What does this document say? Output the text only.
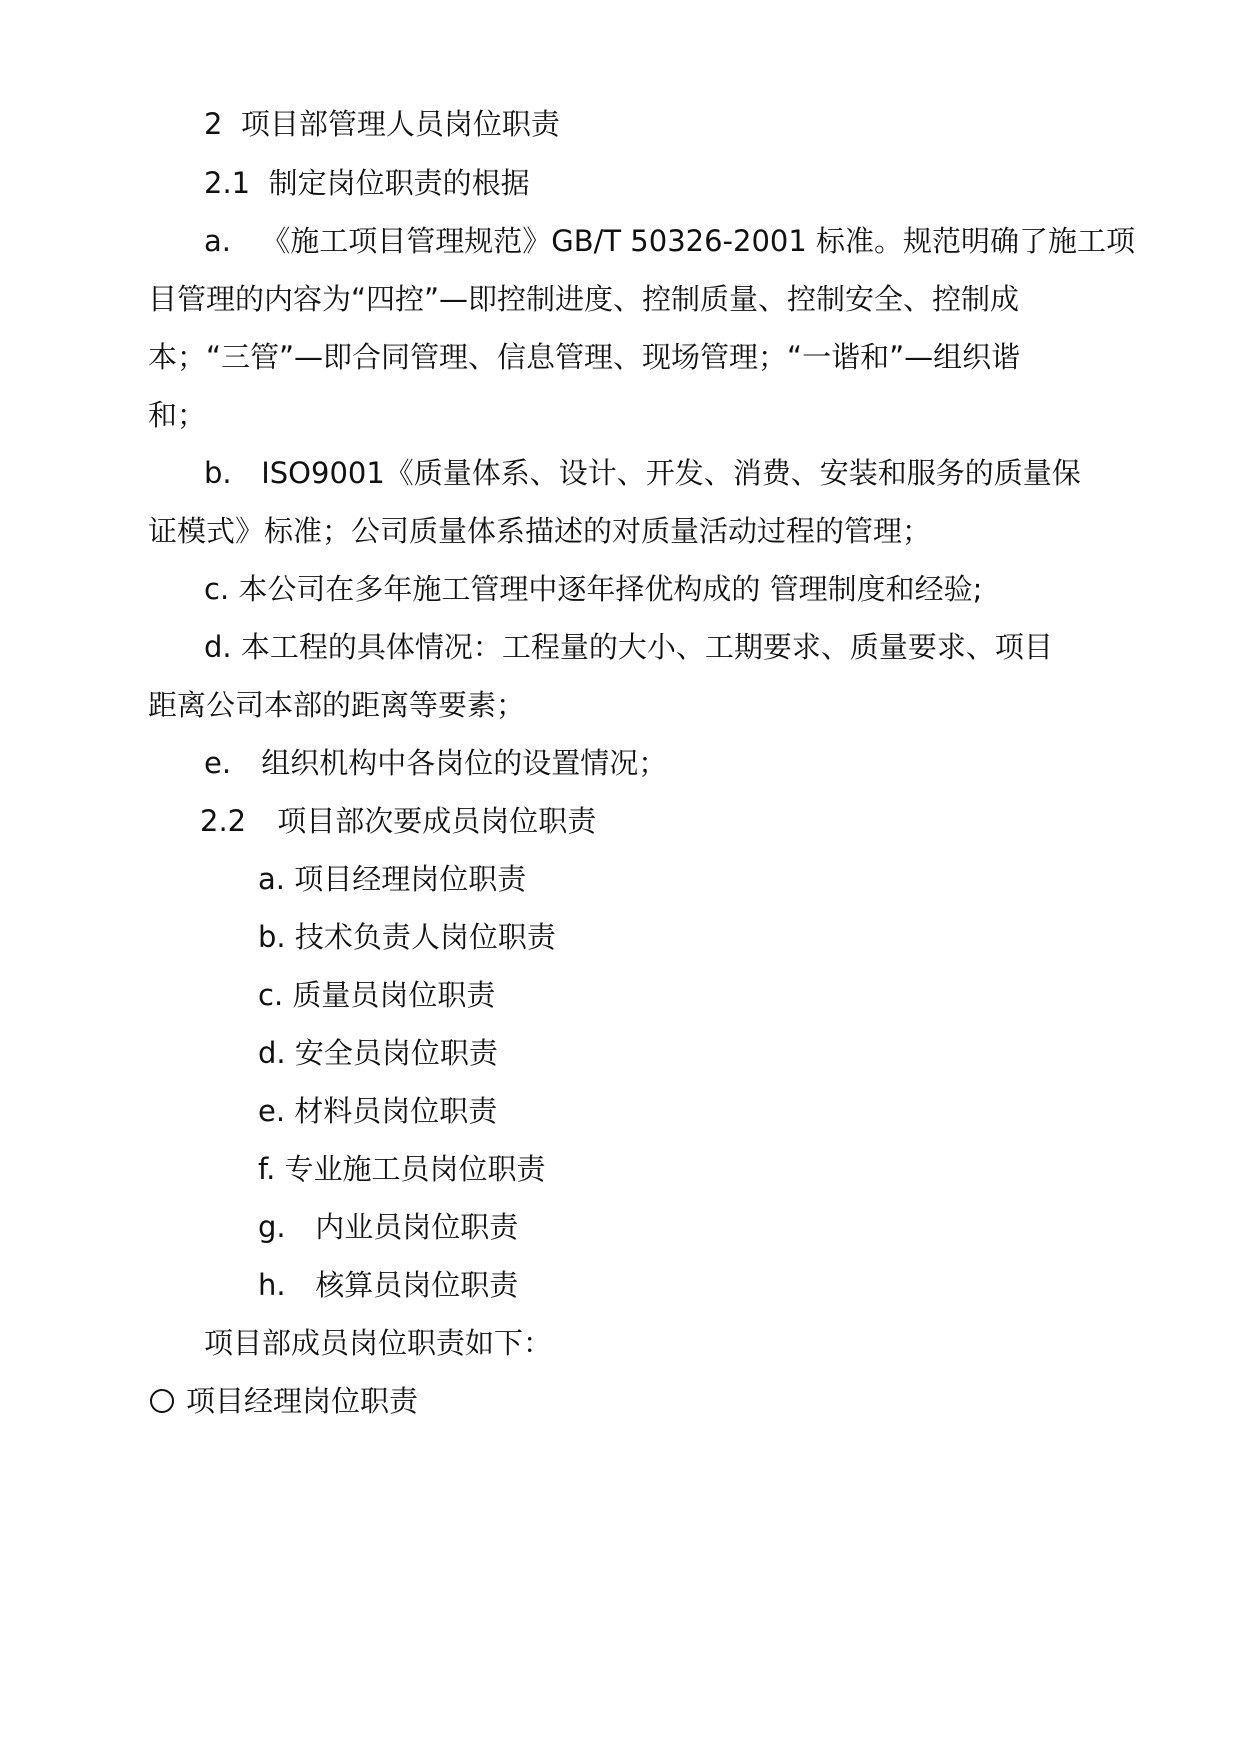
2 项目部管理人员岗位职责
2.1 制定岗位职责的根据
a. 《施工项目管理规范》GB/T 50326-2001 标准。规范明确了施工项
目管理的内容为“四控”—即控制进度、控制质量、控制安全、控制成
本；“三管”—即合同管理、信息管理、现场管理；“一谐和”—组织谐
和；
b. ISO9001《质量体系、设计、开发、消费、安装和服务的质量保
证模式》标准；公司质量体系描述的对质量活动过程的管理；
c. 本公司在多年施工管理中逐年择优构成的 管理制度和经验;
d. 本工程的具体情况：工程量的大小、工期要求、质量要求、项目
距离公司本部的距离等要素；
e. 组织机构中各岗位的设置情况；
2.2 项目部次要成员岗位职责
a. 项目经理岗位职责
b. 技术负责人岗位职责
c. 质量员岗位职责
d. 安全员岗位职责
e. 材料员岗位职责
f. 专业施工员岗位职责
g. 内业员岗位职责
h. 核算员岗位职责
项目部成员岗位职责如下：
项目经理岗位职责
